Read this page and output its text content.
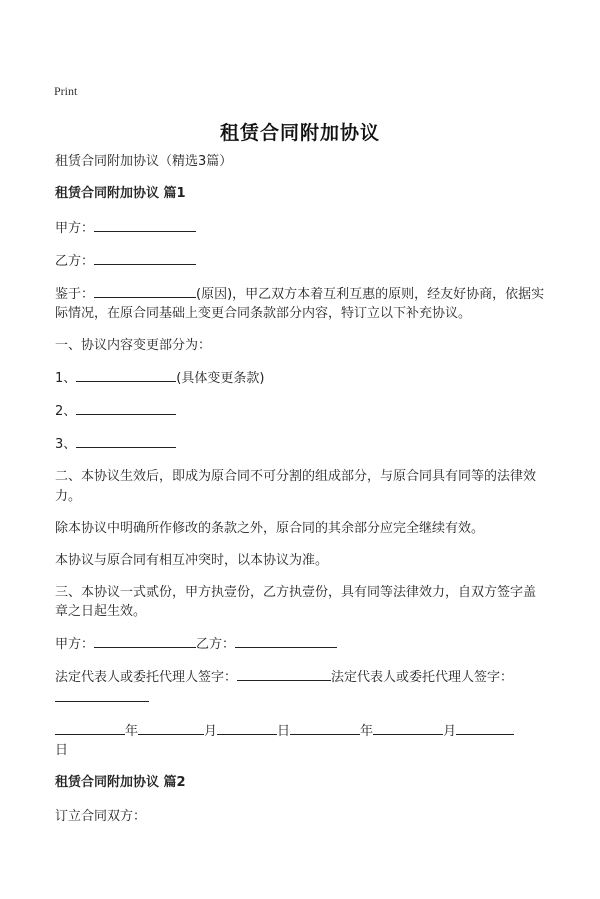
Print
租赁合同附加协议
租赁合同附加协议（精选3篇）
租赁合同附加协议 篇1
甲方：
乙方：
鉴于：	(原因)，甲乙双方本着互利互惠的原则，经友好协商，依据实际情况，在原合同基础上变更合同条款部分内容，特订立以下补充协议。
一、协议内容变更部分为：
1、	(具体变更条款)
2、
3、
二、本协议生效后，即成为原合同不可分割的组成部分，与原合同具有同等的法律效力。
除本协议中明确所作修改的条款之外，原合同的其余部分应完全继续有效。
本协议与原合同有相互冲突时，以本协议为准。
三、本协议一式贰份，甲方执壹份，乙方执壹份，具有同等法律效力，自双方签字盖章之日起生效。
甲方：	乙方：
法定代表人或委托代理人签字：	法定代表人或委托代理人签字：

年	月	日	年	月
日
租赁合同附加协议 篇2
订立合同双方：
